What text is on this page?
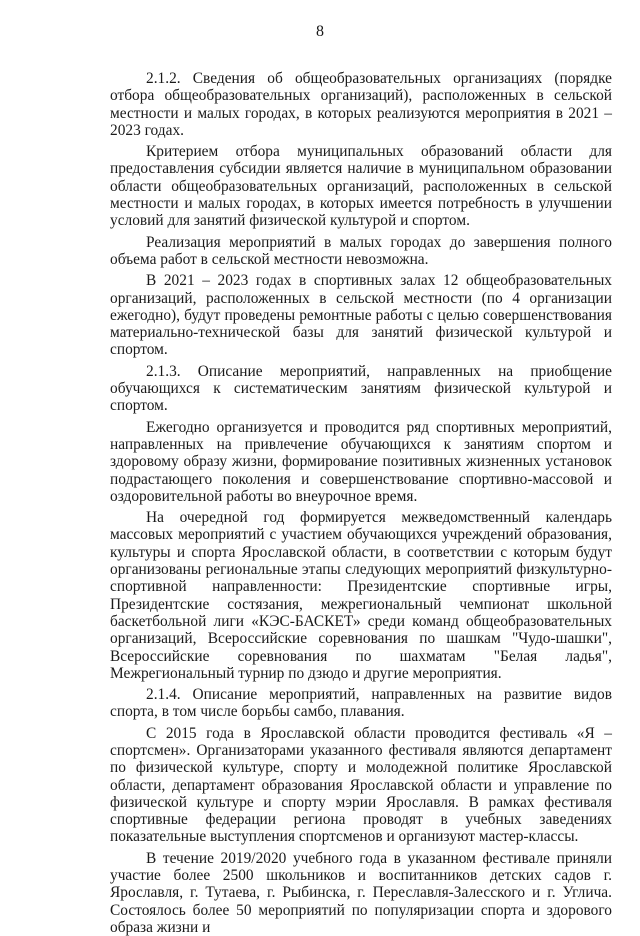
8

2.1.2. Сведения об общеобразовательных организациях (порядке отбора общеобразовательных организаций), расположенных в сельской местности и малых городах, в которых реализуются мероприятия в 2021 – 2023 годах.

Критерием отбора муниципальных образований области для предоставления субсидии является наличие в муниципальном образовании области общеобразовательных организаций, расположенных в сельской местности и малых городах, в которых имеется потребность в улучшении условий для занятий физической культурой и спортом.

Реализация мероприятий в малых городах до завершения полного объема работ в сельской местности невозможна.

В 2021 – 2023 годах в спортивных залах 12 общеобразовательных организаций, расположенных в сельской местности (по 4 организации ежегодно), будут проведены ремонтные работы с целью совершенствования материально-технической базы для занятий физической культурой и спортом.

2.1.3. Описание мероприятий, направленных на приобщение обучающихся к систематическим занятиям физической культурой и спортом.

Ежегодно организуется и проводится ряд спортивных мероприятий, направленных на привлечение обучающихся к занятиям спортом и здоровому образу жизни, формирование позитивных жизненных установок подрастающего поколения и совершенствование спортивно-массовой и оздоровительной работы во внеурочное время.

На очередной год формируется межведомственный календарь массовых мероприятий с участием обучающихся учреждений образования, культуры и спорта Ярославской области, в соответствии с которым будут организованы региональные этапы следующих мероприятий физкультурно-спортивной направленности: Президентские спортивные игры, Президентские состязания, межрегиональный чемпионат школьной баскетбольной лиги «КЭС-БАСКЕТ» среди команд общеобразовательных организаций, Всероссийские соревнования по шашкам "Чудо-шашки", Всероссийские соревнования по шахматам "Белая ладья", Межрегиональный турнир по дзюдо и другие мероприятия.

2.1.4. Описание мероприятий, направленных на развитие видов спорта, в том числе борьбы самбо, плавания.

С 2015 года в Ярославской области проводится фестиваль «Я – спортсмен». Организаторами указанного фестиваля являются департамент по физической культуре, спорту и молодежной политике Ярославской области, департамент образования Ярославской области и управление по физической культуре и спорту мэрии Ярославля. В рамках фестиваля спортивные федерации региона проводят в учебных заведениях показательные выступления спортсменов и организуют мастер-классы.

В течение 2019/2020 учебного года в указанном фестивале приняли участие более 2500 школьников и воспитанников детских садов г. Ярославля, г. Тутаева, г. Рыбинска, г. Переславля-Залесского и г. Углича. Состоялось более 50 мероприятий по популяризации спорта и здорового образа жизни и
